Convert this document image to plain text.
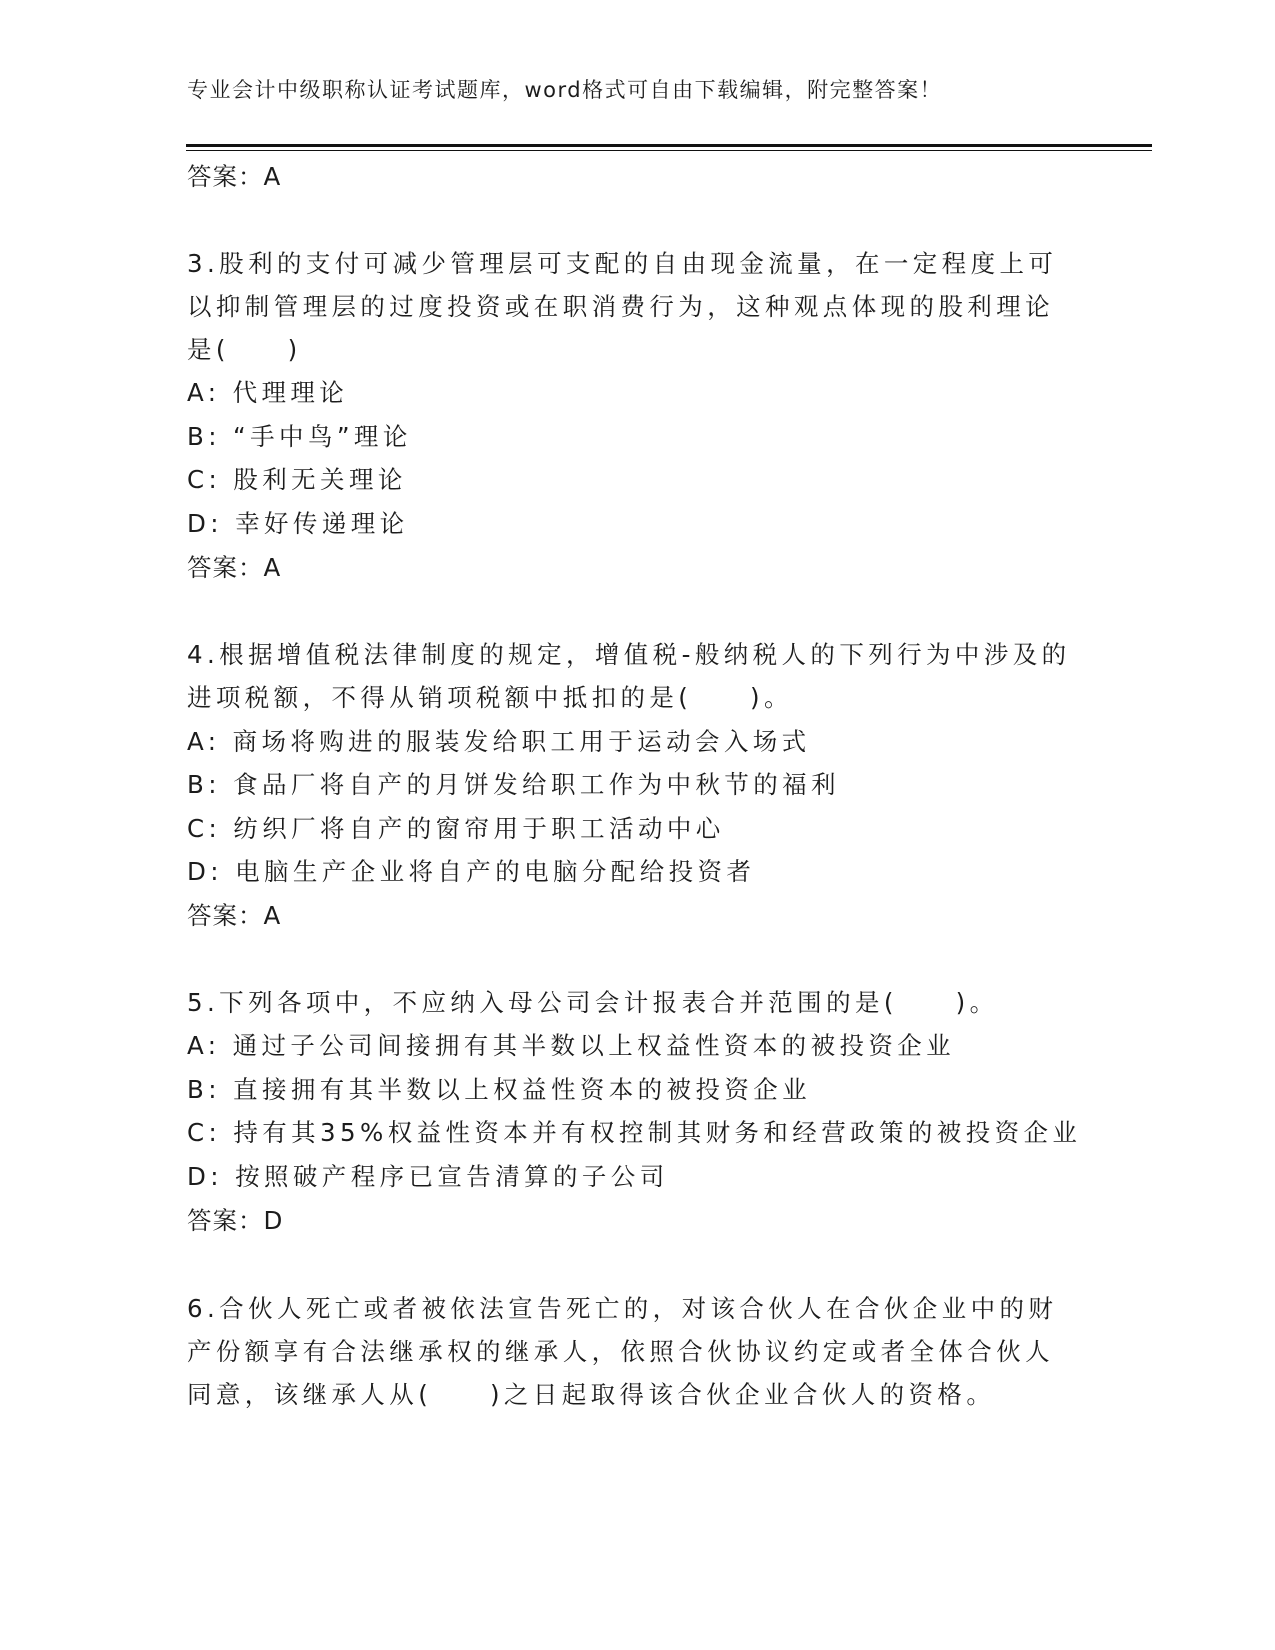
专业会计中级职称认证考试题库，word格式可自由下载编辑，附完整答案！
答案：A
3.股利的支付可减少管理层可支配的自由现金流量，在一定程度上可
以抑制管理层的过度投资或在职消费行为，这种观点体现的股利理论
是(　　)
A: 代理理论
B: “手中鸟”理论
C: 股利无关理论
D: 幸好传递理论
答案：A
4.根据增值税法律制度的规定，增值税-般纳税人的下列行为中涉及的
进项税额，不得从销项税额中抵扣的是(　　)。
A: 商场将购进的服装发给职工用于运动会入场式
B: 食品厂将自产的月饼发给职工作为中秋节的福利
C: 纺织厂将自产的窗帘用于职工活动中心
D: 电脑生产企业将自产的电脑分配给投资者
答案：A
5.下列各项中，不应纳入母公司会计报表合并范围的是(　　)。
A: 通过子公司间接拥有其半数以上权益性资本的被投资企业
B: 直接拥有其半数以上权益性资本的被投资企业
C: 持有其35%权益性资本并有权控制其财务和经营政策的被投资企业
D: 按照破产程序已宣告清算的子公司
答案：D
6.合伙人死亡或者被依法宣告死亡的，对该合伙人在合伙企业中的财
产份额享有合法继承权的继承人，依照合伙协议约定或者全体合伙人
同意，该继承人从(　　)之日起取得该合伙企业合伙人的资格。
